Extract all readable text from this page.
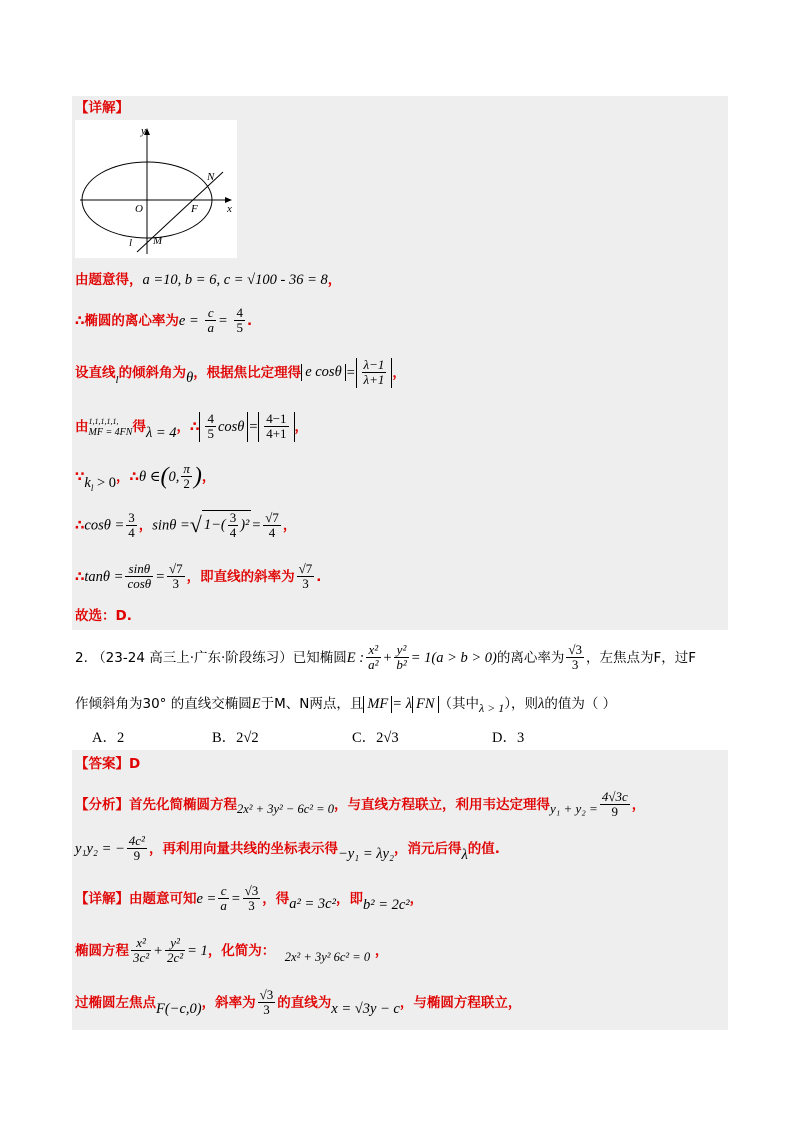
【详解】
y
x
O	F
N
M
l
由题意得，a =10, b = 6, c = √100 - 36 = 8，
∴椭圆的离心率为$e = \frac{c}{a} = \frac{4}{5}$ .
设直线$_l$的倾斜角为θ，根据焦比定理得 e $\cos\theta = \frac{\lambda-1}{\lambda+1}$ ，
由 1,1,1,1,1,
MF = 4FN得λ = 4，∴ $\frac{4}{5}$ $\cos\theta = \frac{4-1}{4+1}$ ，
$\because k_l > 0$，∴θ ∈(0, $\frac{\pi}{2}$ )，
∴cosθ = $\frac{3}{4}$ ，sinθ =√ $1-( \frac{3}{4} )^2 = \frac{√7}{4}$ ，
∴tanθ = $\frac{\sin\theta}{\cos\theta} = \frac{√7}{3}$ ，即直线的斜率为 $\frac{√7}{3}$ .
故选：D.
2. （23-24 高三上·广东·阶段练习）已知椭圆E : $\frac{\text{x²}}{\text{a²}} + \frac{\text{y²}}{\text{b²}} = 1(a > b > 0)$的离心率为 $\frac{√3}{3}$ ，左焦点为F，过F
作倾斜角为30° 的直线交椭圆E于M、N两点，且 MF = λ FN （其中λ > 1），则λ的值为（ ）
A．2	B．2√2	C．2√3	D．3
【答案】D
【分析】首先化简椭圆方程2x² + 3y² − 6c² = 0，与直线方程联立，利用韦达定理得$y_1 + y_2 = \frac{4√3c}{9}$ ，
y₁y₂ = − $\frac{\text{4c²}}{9}$ ，再利用向量共线的坐标表示得−y₁ = λy₂，消元后得λ的值.
【详解】由题意可知$e = \frac{c}{a} = \frac{√3}{3}$ ，得a² = 3c²，即b² = 2c²，
椭圆方程 $\frac{\text{x²}}{\text{3c²}} + \frac{\text{y²}}{\text{2c²}} = 1$，化简为： 2x² + 3y² 6c² = 0 ，
过椭圆左焦点F(−c,0)，斜率为 $\frac{√3}{3}$ 的直线为x = √3y − c，与椭圆方程联立，
